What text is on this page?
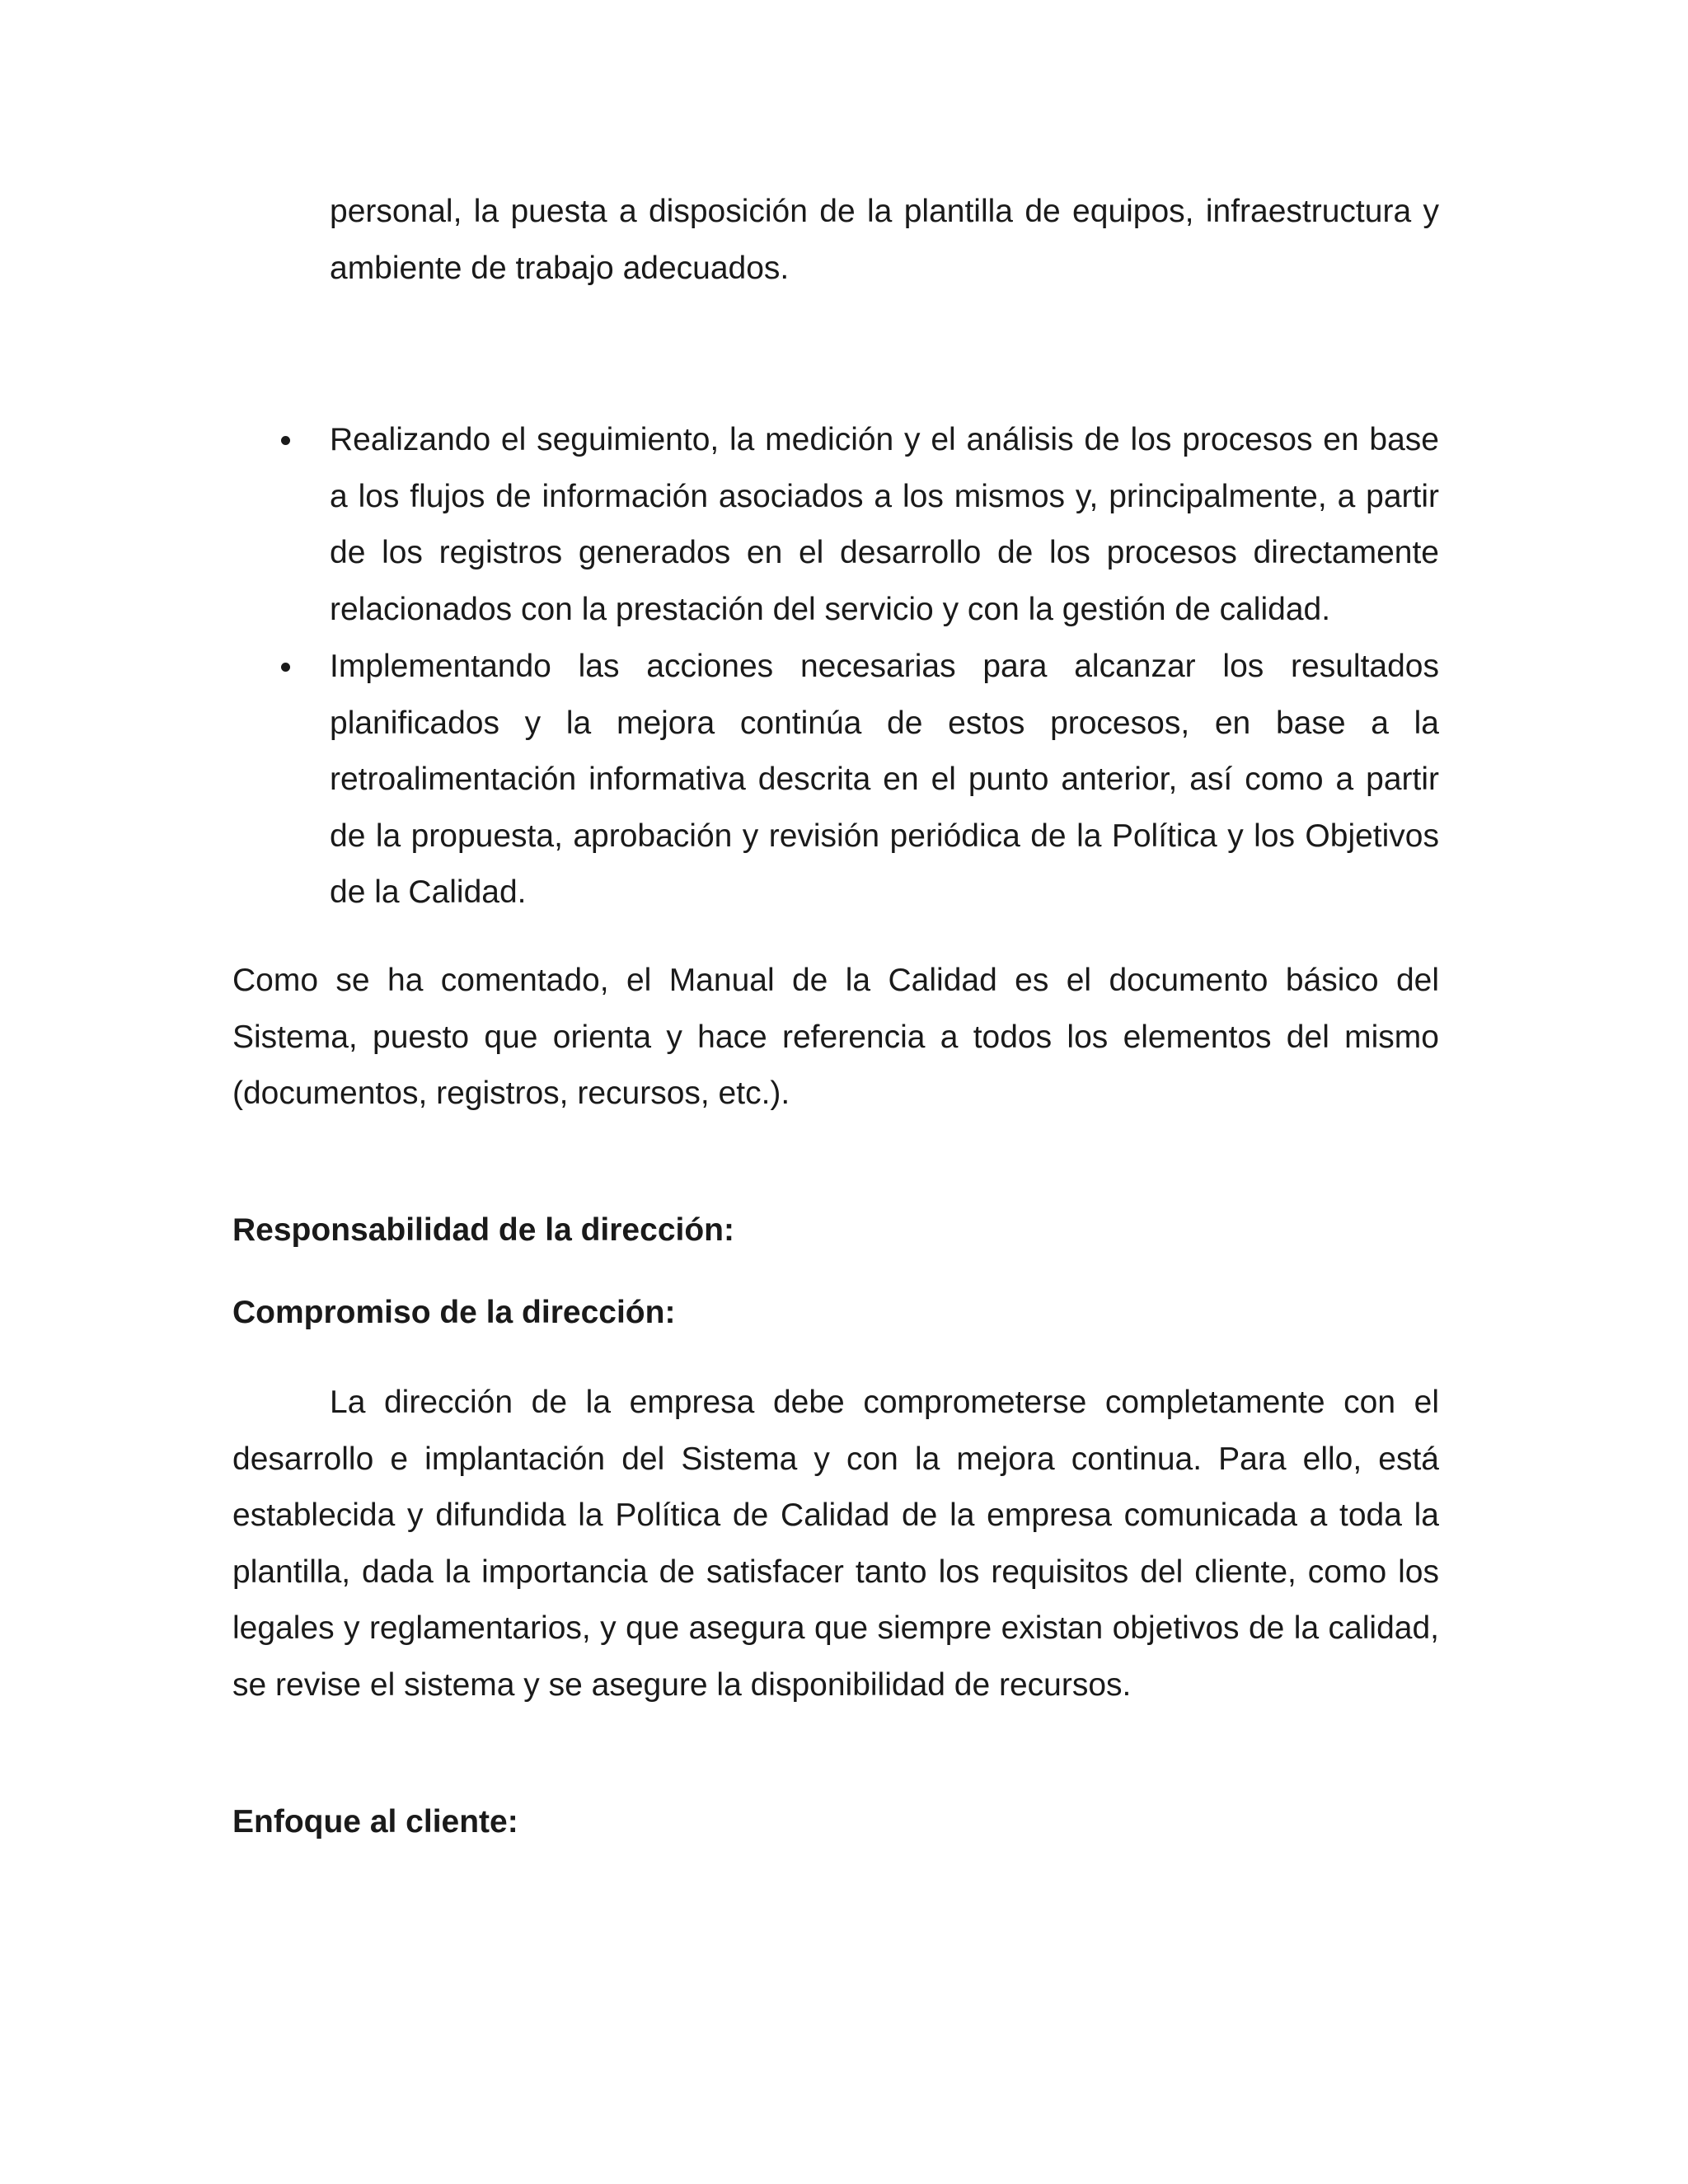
personal, la puesta a disposición de la plantilla de equipos, infraestructura y ambiente de trabajo adecuados.

Realizando el seguimiento, la medición y el análisis de los procesos en base a los flujos de información asociados a los mismos y, principalmente, a partir de los registros generados en el desarrollo de los procesos directamente relacionados con la prestación del servicio y con la gestión de calidad.
Implementando las acciones necesarias para alcanzar los resultados planificados y la mejora continúa de estos procesos, en base a la retroalimentación informativa descrita en el punto anterior, así como a partir de la propuesta, aprobación y revisión periódica de la Política y los Objetivos de la Calidad.

Como se ha comentado, el Manual de la Calidad es el documento básico del Sistema, puesto que orienta y hace referencia a todos los elementos del mismo (documentos, registros, recursos, etc.).

Responsabilidad de la dirección:
Compromiso de la dirección:

La dirección de la empresa debe comprometerse completamente con el desarrollo e implantación del Sistema y con la mejora continua. Para ello, está establecida y difundida la Política de Calidad de la empresa comunicada a toda la plantilla, dada la importancia de satisfacer tanto los requisitos del cliente, como los legales y reglamentarios, y que asegura que siempre existan objetivos de la calidad, se revise el sistema y se asegure la disponibilidad de recursos.

Enfoque al cliente:
